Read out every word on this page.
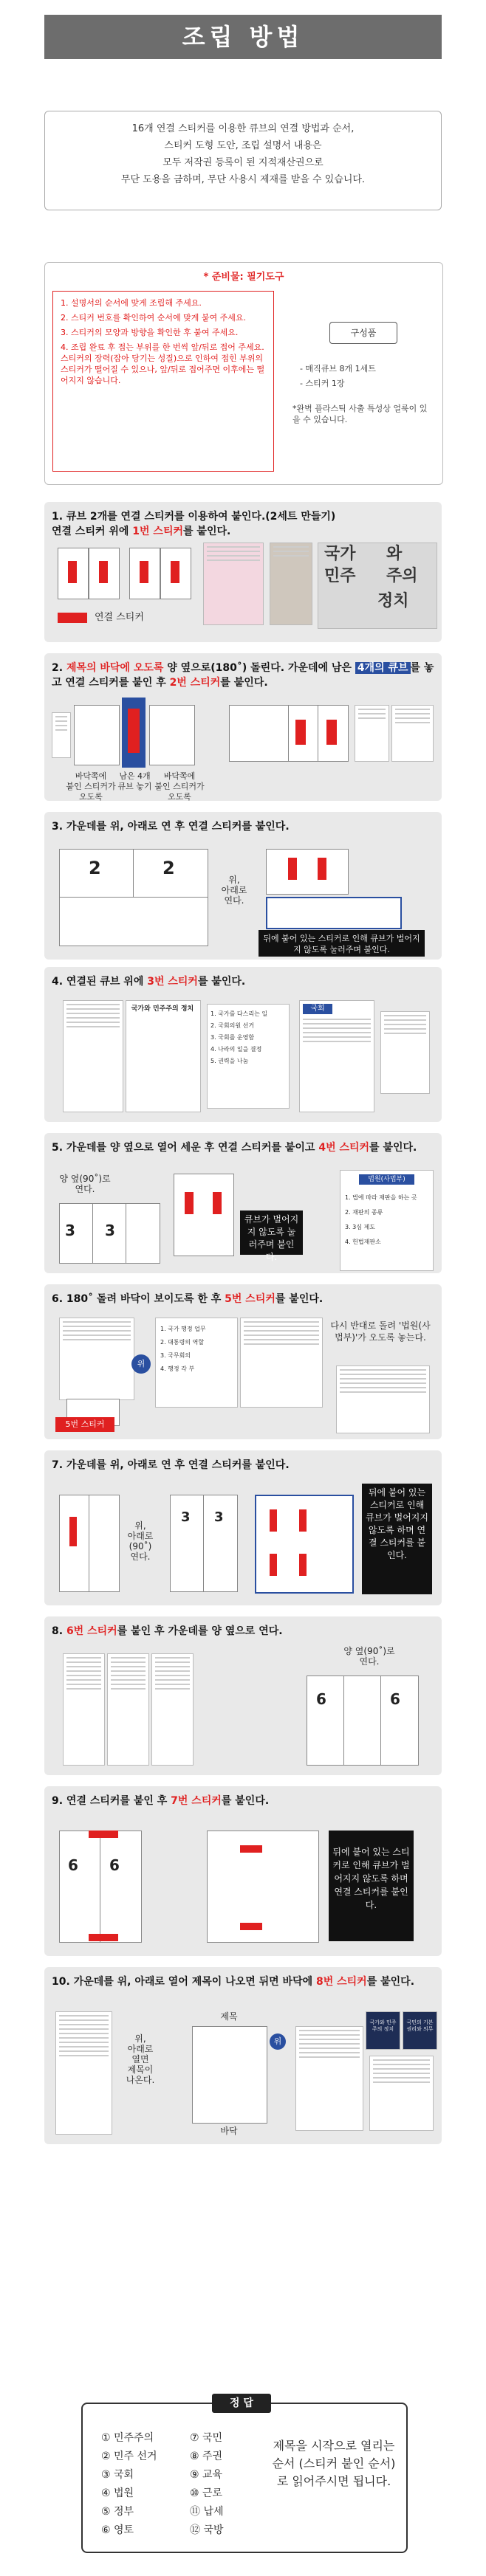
조립 방법
16개 연결 스티커를 이용한 큐브의 연결 방법과 순서,
스티커 도형 도안, 조립 설명서 내용은
모두 저작권 등록이 된 지적재산권으로
무단 도용을 금하며, 무단 사용시 제재를 받을 수 있습니다.
* 준비물: 필기도구
1. 설명서의 순서에 맞게 조립해 주세요.
2. 스티커 번호를 확인하여 순서에 맞게 붙여 주세요.
3. 스티커의 모양과 방향을 확인한 후 붙여 주세요.
4. 조립 완료 후 접는 부위를 한 번씩 앞/뒤로 접어 주세요. 스티커의 장력(잡아 당기는 성질)으로 인하여 접힌 부위의 스티커가 떨어질 수 있으나, 앞/뒤로 접어주면 이후에는 떨어지지 않습니다.
구성품
- 매직큐브 8개 1세트
- 스티커 1장
*완벽 플라스틱 사출 특성상 얼룩이 있을 수 있습니다.
1. 큐브 2개를 연결 스티커를 이용하여 붙인다.(2세트 만들기)
연결 스티커 위에 1번 스티커를 붙인다.
연결 스티커
국가 와
민주 주의
정치
2. 제목의 바닥에 오도록 양 옆으로(180˚) 돌린다. 가운데에 남은 4개의 큐브 를 놓고 연결 스티커를 붙인 후 2번 스티커를 붙인다.
바닥쪽에
붙인 스티커가
오도록
남은 4개
큐브 놓기
바닥쪽에
붙인 스티커가
오도록
3. 가운데를 위, 아래로 연 후 연결 스티커를 붙인다.
2	2
위,
아래로
연다.
뒤에 붙어 있는 스티커로 인해 큐브가 벌어지지 않도록 눌러주며 붙인다.
4. 연결된 큐브 위에 3번 스티커를 붙인다.
국가와 민주주의 정치
1. 국가를 다스리는 일
2. 국회의원 선거
3. 국회를 운영함
4. 나라의 일을 결정
5. 권력을 나눔
국회
5. 가운데를 양 옆으로 열어 세운 후 연결 스티커를 붙이고 4번 스티커를 붙인다.
양 옆(90˚)로
연다.
3 3
큐브가 벌어지지 않도록 눌러주며 붙인다.
법원(사법부)
1. 법에 따라 재판을 하는 곳
2. 재판의 종류
3. 3심 제도
4. 헌법재판소
6. 180˚ 돌려 바닥이 보이도록 한 후 5번 스티커를 붙인다.
5번 스티커
위
1. 국가 행정 업무
2. 대통령의 역할
3. 국무회의
4. 행정 각 부
다시 반대로 돌려 '법원(사법부)'가 오도록 놓는다.
7. 가운데를 위, 아래로 연 후 연결 스티커를 붙인다.
위,
아래로
(90˚)
연다.
3 3
뒤에 붙어 있는 스티커로 인해 큐브가 벌어지지 않도록 하며 연결 스티커를 붙인다.
8. 6번 스티커를 붙인 후 가운데를 양 옆으로 연다.
양 옆(90˚)로
연다.
6	6
9. 연결 스티커를 붙인 후 7번 스티커를 붙인다.
6 6
뒤에 붙어 있는 스티커로 인해 큐브가 벌어지지 않도록 하며 연결 스티커를 붙인다.
10. 가운데를 위, 아래로 열어 제목이 나오면 뒤면 바닥에 8번 스티커를 붙인다.
위,
아래로
열면
제목이
나온다.
제목
바닥
위
국가와 민주주의 정치
국민의 기본 권리와 의무
정 답
① 민주주의
② 민주 선거
③ 국회
④ 법원
⑤ 정부
⑥ 영토
⑦ 국민
⑧ 주권
⑨ 교육
⑩ 근로
⑪ 납세
⑫ 국방
제목을 시작으로 열리는 순서 (스티커 붙인 순서)로 읽어주시면 됩니다.
